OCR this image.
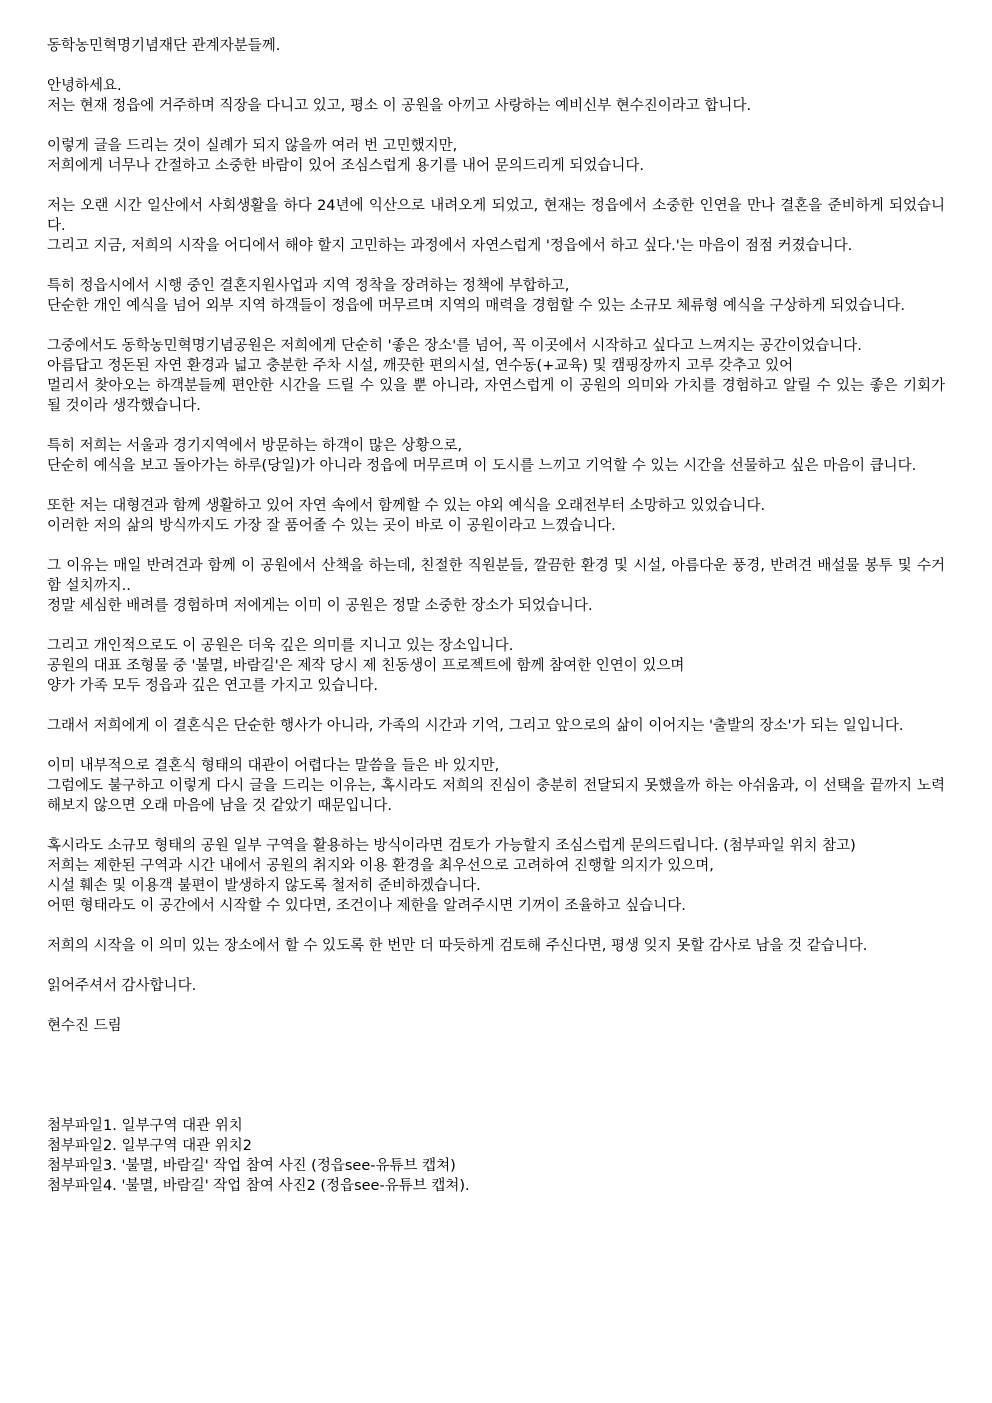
동학농민혁명기념재단 관계자분들께.

안녕하세요.
저는 현재 정읍에 거주하며 직장을 다니고 있고, 평소 이 공원을 아끼고 사랑하는 예비신부 현수진이라고 합니다.
이렇게 글을 드리는 것이 실례가 되지 않을까 여러 번 고민했지만,
저희에게 너무나 간절하고 소중한 바람이 있어 조심스럽게 용기를 내어 문의드리게 되었습니다.
저는 오랜 시간 일산에서 사회생활을 하다 24년에 익산으로 내려오게 되었고, 현재는 정읍에서 소중한 인연을 만나 결혼을 준비하게 되었습니다.
그리고 지금, 저희의 시작을 어디에서 해야 할지 고민하는 과정에서 자연스럽게 '정읍에서 하고 싶다.'는 마음이 점점 커졌습니다.
특히 정읍시에서 시행 중인 결혼지원사업과 지역 정착을 장려하는 정책에 부합하고,
단순한 개인 예식을 넘어 외부 지역 하객들이 정읍에 머무르며 지역의 매력을 경험할 수 있는 소규모 체류형 예식을 구상하게 되었습니다.
그중에서도 동학농민혁명기념공원은 저희에게 단순히 '좋은 장소'를 넘어, 꼭 이곳에서 시작하고 싶다고 느껴지는 공간이었습니다.
아름답고 정돈된 자연 환경과 넓고 충분한 주차 시설, 깨끗한 편의시설, 연수동(+교육) 및 캠핑장까지 고루 갖추고 있어
멀리서 찾아오는 하객분들께 편안한 시간을 드릴 수 있을 뿐 아니라, 자연스럽게 이 공원의 의미와 가치를 경험하고 알릴 수 있는 좋은 기회가 될 것이라 생각했습니다.
특히 저희는 서울과 경기지역에서 방문하는 하객이 많은 상황으로,
단순히 예식을 보고 돌아가는 하루(당일)가 아니라 정읍에 머무르며 이 도시를 느끼고 기억할 수 있는 시간을 선물하고 싶은 마음이 큽니다.
또한 저는 대형견과 함께 생활하고 있어 자연 속에서 함께할 수 있는 야외 예식을 오래전부터 소망하고 있었습니다.
이러한 저의 삶의 방식까지도 가장 잘 품어줄 수 있는 곳이 바로 이 공원이라고 느꼈습니다.
그 이유는 매일 반려견과 함께 이 공원에서 산책을 하는데, 친절한 직원분들, 깔끔한 환경 및 시설, 아름다운 풍경, 반려견 배설물 봉투 및 수거함 설치까지..
정말 세심한 배려를 경험하며 저에게는 이미 이 공원은 정말 소중한 장소가 되었습니다.
그리고 개인적으로도 이 공원은 더욱 깊은 의미를 지니고 있는 장소입니다.
공원의 대표 조형물 중 '불멸, 바람길'은 제작 당시 제 친동생이 프로젝트에 함께 참여한 인연이 있으며
양가 가족 모두 정읍과 깊은 연고를 가지고 있습니다.
그래서 저희에게 이 결혼식은 단순한 행사가 아니라, 가족의 시간과 기억, 그리고 앞으로의 삶이 이어지는 '출발의 장소'가 되는 일입니다.
이미 내부적으로 결혼식 형태의 대관이 어렵다는 말씀을 들은 바 있지만,
그럼에도 불구하고 이렇게 다시 글을 드리는 이유는, 혹시라도 저희의 진심이 충분히 전달되지 못했을까 하는 아쉬움과, 이 선택을 끝까지 노력해보지 않으면 오래 마음에 남을 것 같았기 때문입니다.
혹시라도 소규모 형태의 공원 일부 구역을 활용하는 방식이라면 검토가 가능할지 조심스럽게 문의드립니다. (첨부파일 위치 참고)
저희는 제한된 구역과 시간 내에서 공원의 취지와 이용 환경을 최우선으로 고려하여 진행할 의지가 있으며,
시설 훼손 및 이용객 불편이 발생하지 않도록 철저히 준비하겠습니다.
어떤 형태라도 이 공간에서 시작할 수 있다면, 조건이나 제한을 알려주시면 기꺼이 조율하고 싶습니다.
저희의 시작을 이 의미 있는 장소에서 할 수 있도록 한 번만 더 따듯하게 검토해 주신다면, 평생 잊지 못할 감사로 남을 것 같습니다.

읽어주셔서 감사합니다.

현수진 드림

첨부파일1. 일부구역 대관 위치
첨부파일2. 일부구역 대관 위치2
첨부파일3. '불멸, 바람길' 작업 참여 사진 (정읍see-유튜브 캡쳐)
첨부파일4. '불멸, 바람길' 작업 참여 사진2 (정읍see-유튜브 캡쳐).
